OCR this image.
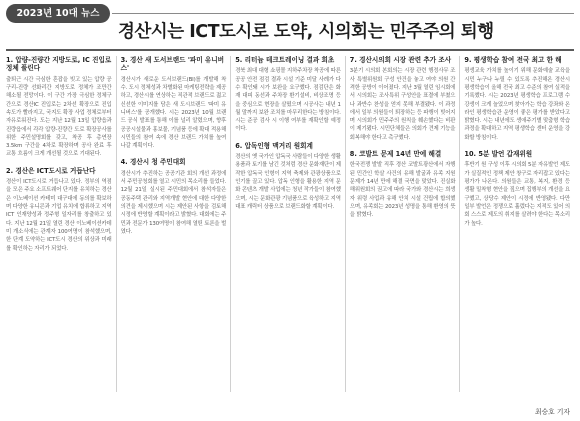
2023년 10대 뉴스
경산시는 ICT도시로 도약, 시의회는 민주주의 퇴행
1. 압량-진량간 지방도로, IC 진입로 정체 풀린다
출퇴근 시간 극심한 혼잡을 빚고 있는 압량 공구리-진량 선화리간 지방도로 정체가 조만간 해소될 전망이다. 이 구간 가장 극심한 정체구간으로 경산IC 진입로는 2차선 확장으로 진입속도가 빨라지고, 국지도 확장 사업 정체로부터 자유로워진다. 도는 지난 12월 13일 압량읍과 진량읍에서 각각 압량-진량간 도로 확장공사를 위한 주민설명회를 갖고, 착공 후 총연장 3.5km 구간을 4차로 확장하며 공사 완료 후 교통 흐름이 크게 개선될 것으로 기대된다.
2. 경산은 ICT도시로 거듭난다
경산이 ICT도시로 거듭나고 있다. 정부의 역점을 모은 주요 소프트웨어 단지를 유치하는 경산은 이노베이션 카테미 대구대에 동의를 확보하며 다양한 유니콘과 기업 유치에 합류하고 지역 ICT 인재양성과 정주형 일자리를 창출하고 있다. 지난 12월 21일 열린 경산 이노베이션카데미 개소식에는 관계자 100여명이 참석했으며, 한 단계 도약하는 ICT도시 경산의 위상과 미래를 확인하는 자리가 되었다.
3. 경산 새 도서브랜드 '파미 유니버스'
경산시가 새로운 도서브랜드(BI)를 개발해 착수. 도시 정체성과 차별화된 마케팅전략을 제공하고, 경산시를 연상하는 직관적 브랜드로 젊고 신선한 이미지를 담은 새 도시브랜드 '파미 유니버스'를 공개했다. 시는 2023년 10월 브랜드 공식 발표를 통해 이를 널리 알렸으며, 향후 공공시설물과 홍보물, 기념품 등에 확대 적용해 시민들의 참여 속에 경산 브랜드 가치를 높여 나갈 계획이다.
4. 경산시 청 주민대회
경산시가 추진하는 공공기관 회의 개선 과정에서 주민공청회를 열고 시민의 목소리를 들었다. 12월 21일 실시된 주민대회에서 참석자들은 공동주택 관리와 지역개발 현안에 대한 다양한 의견을 제시했으며 시는 제안된 사항을 검토해 시정에 반영할 계획이라고 밝혔다. 대회에는 주민과 전문가 130여명이 참여해 열띤 토론을 벌였다.
5. 리터늄 테크트레이닝 결과 회초
경북 최대 대형 쇼핑몰 지하주차장 착공에 따른 공공 안전 점검 결과 시설 기준 미달 사례가 다수 확인돼 시가 보완을 요구했다. 점검단은 화재 대피 동선과 주차장 환기설비, 비상조명 등을 중심으로 현장을 살폈으며 시공사는 내년 1월 말까지 보완 조치를 마무리한다는 방침이다. 시는 준공 검사 시 이행 여부를 재확인할 예정이다.
6. 압독인형 맥거리 원회계
경산의 옛 국가인 압독국 사람들이 다양한 생활용품과 토기를 남긴 것처럼 경산 문화재단이 제작한 압독국 인형이 지역 축제와 관광상품으로 인기를 끌고 있다. 압독 인형을 활용한 지역 문화 콘텐츠 개발 사업에는 청년 작가들이 참여했으며, 시는 문화관광 기념품으로 육성하고 지역 대표 캐릭터 상품으로 브랜드화할 계획이다.
7. 경산시의회 시장 관련 추가 조사
3분기 시의회 본회의는 시장 관련 행정사무 조사 특별위원회 구성 안건을 놓고 여야 의원 간 격한 공방이 이어졌다. 지난 3월 열린 임시회에서 시의회는 조사특위 구성안을 표결에 부쳤으나 과반수 찬성을 얻지 못해 부결됐다. 이 과정에서 일부 의원들이 퇴장하는 등 파행이 빚어지며 시의회가 민주주의 원칙을 훼손했다는 비판이 제기됐다. 시민단체들은 의회가 견제 기능을 회복해야 한다고 촉구했다.
8. 코발트 문제 14년 만에 해결
한국전쟁 발발 직후 경산 코발트광산에서 자행된 민간인 학살 사건의 유해 발굴과 유족 지원 문제가 14년 만에 해결 국면을 맞았다. 진실화해위원회의 권고에 따라 국가와 경산시는 희생자 위령 사업과 유해 안치 시설 건립에 합의했으며, 유족회는 2023년 성명을 통해 환영의 뜻을 밝혔다.
9. 평생학습 참여 전국 최고 한 해
평생교육 가치를 높이기 위해 문화예술 교육을 시민 누구나 누릴 수 있도록 추진해온 경산시 평생학습이 올해 전국 최고 수준의 참여 실적을 기록했다. 시는 2023년 평생학습 프로그램 수강생이 크게 늘었으며 찾아가는 학습 강좌와 온라인 평생학습관 운영이 좋은 평가를 받았다고 밝혔다. 시는 내년에도 생애주기별 맞춤형 학습 과정을 확대하고 지역 평생학습 센터 운영을 강화할 방침이다.
10. 5분 발언 갑재위원
후반기 원 구성 이후 시의회 5분 자유발언 제도가 실질적인 정책 제안 창구로 자리잡고 있다는 평가가 나온다. 의원들은 교통, 복지, 환경 등 생활 밀착형 현안을 짚으며 집행부의 개선을 요구했고, 상당수 제안이 시정에 반영됐다. 다만 일부 발언은 정쟁으로 흘렀다는 지적도 있어 의회 스스로 제도의 취지를 살려야 한다는 목소리가 높다.
최승호 기자
